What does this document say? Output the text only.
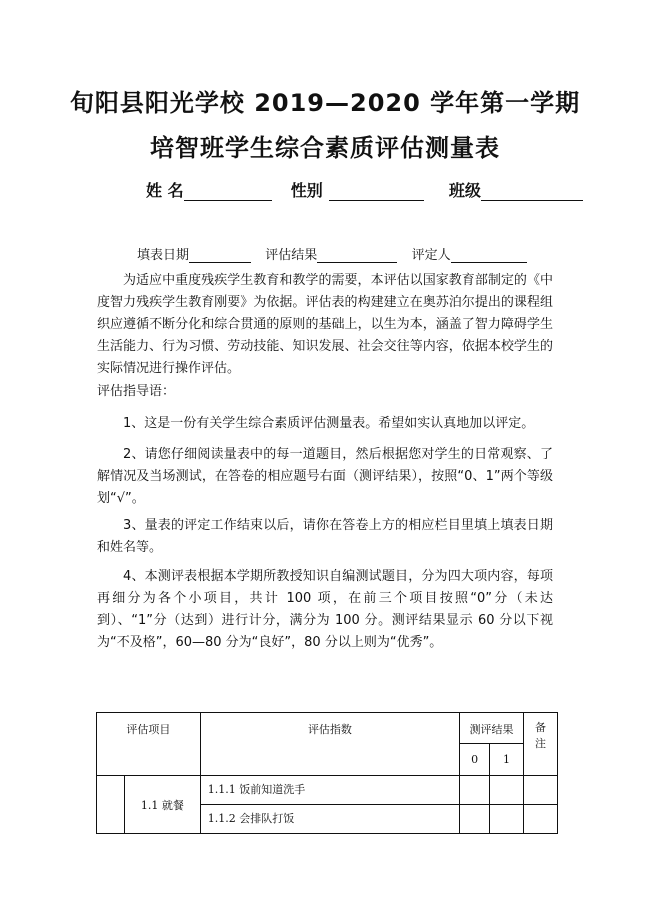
旬阳县阳光学校 2019—2020 学年第一学期
培智班学生综合素质评估测量表
姓 名	性别	班级
填表日期	评估结果	评定人

为适应中重度残疾学生教育和教学的需要，本评估以国家教育部制定的《中度智力残疾学生教育刚要》为依据。评估表的构建建立在奥苏泊尔提出的课程组织应遵循不断分化和综合贯通的原则的基础上，以生为本，涵盖了智力障碍学生生活能力、行为习惯、劳动技能、知识发展、社会交往等内容，依据本校学生的实际情况进行操作评估。

评估指导语：

1、这是一份有关学生综合素质评估测量表。希望如实认真地加以评定。

2、请您仔细阅读量表中的每一道题目，然后根据您对学生的日常观察、了解情况及当场测试，在答卷的相应题号右面（测评结果），按照“0、1”两个等级划“√”。

3、量表的评定工作结束以后，请你在答卷上方的相应栏目里填上填表日期和姓名等。

4、本测评表根据本学期所教授知识自编测试题目，分为四大项内容，每项再细分为各个小项目，共计 100 项，在前三个项目按照“0”分（未达到）、“1”分（达到）进行计分，满分为 100 分。测评结果显示 60 分以下视为“不及格”，60—80 分为“良好”，80 分以上则为“优秀”。

评估项目		评估指数	测评结果		备注
			0	1	
	1.1 就餐	1.1.1 饭前知道洗手			
		1.1.2 会排队打饭			
